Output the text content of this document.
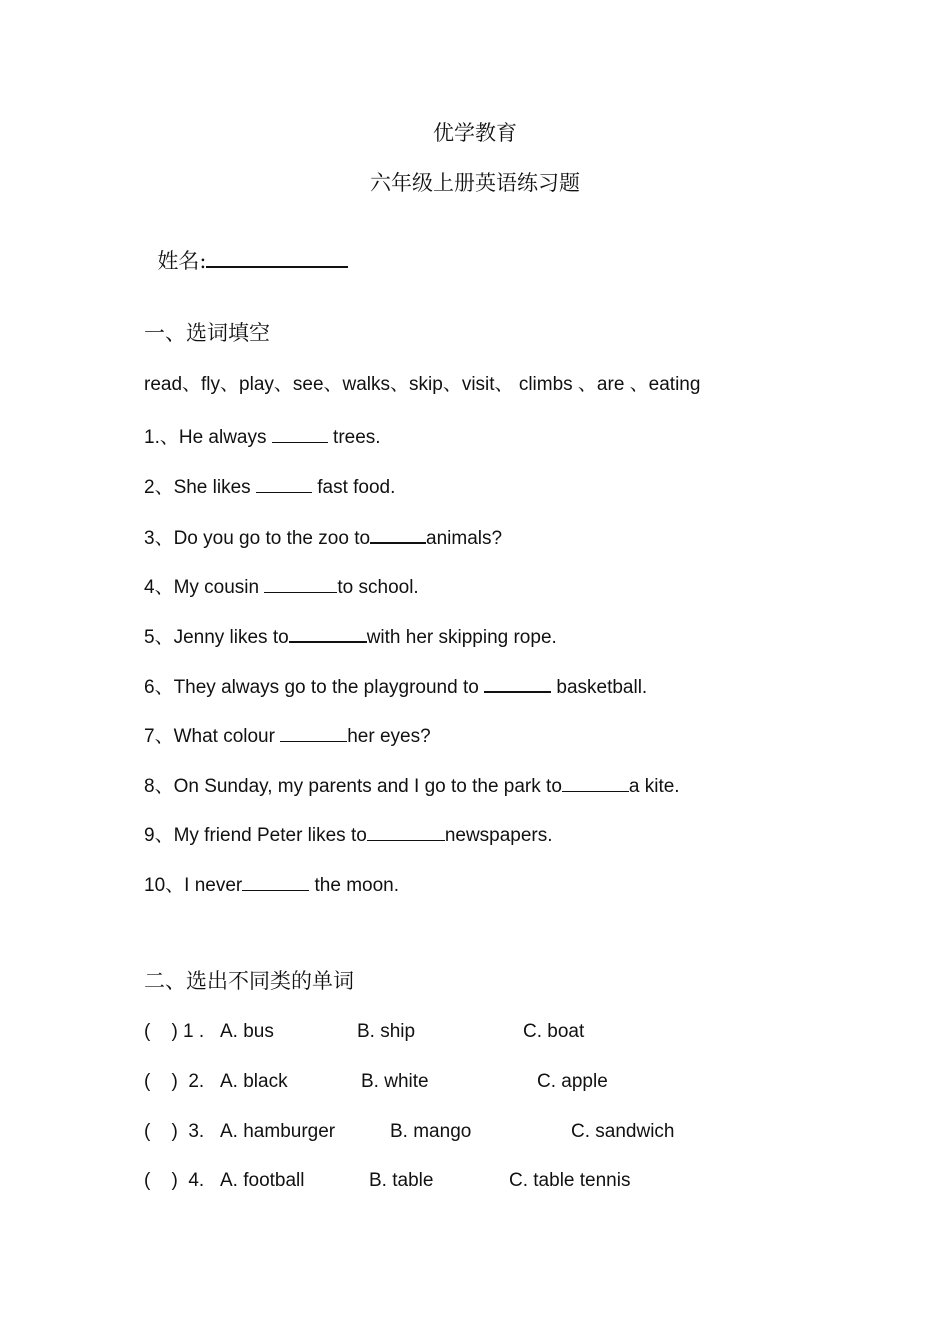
优学教育
六年级上册英语练习题

姓名:

一、选词填空
read、fly、play、see、walks、skip、visit、 climbs 、are 、eating
1.、He always	trees.
2、She likes	fast food.
3、Do you go to the zoo to	animals?
4、My cousin	to school.
5、Jenny likes to	with her skipping rope.
6、They always go to the playground to	basketball.
7、What colour	her eyes?
8、On Sunday, my parents and I go to the park to	a kite.
9、My friend Peter likes to	newspapers.
10、I never	the moon.
二、选出不同类的单词
(    ) 1 . A. bus	B. ship	C. boat
(    )  2. A. black	B. white	C. apple
(    )  3. A. hamburger	B. mango	C. sandwich
(    )  4. A. football	B. table	C. table tennis
